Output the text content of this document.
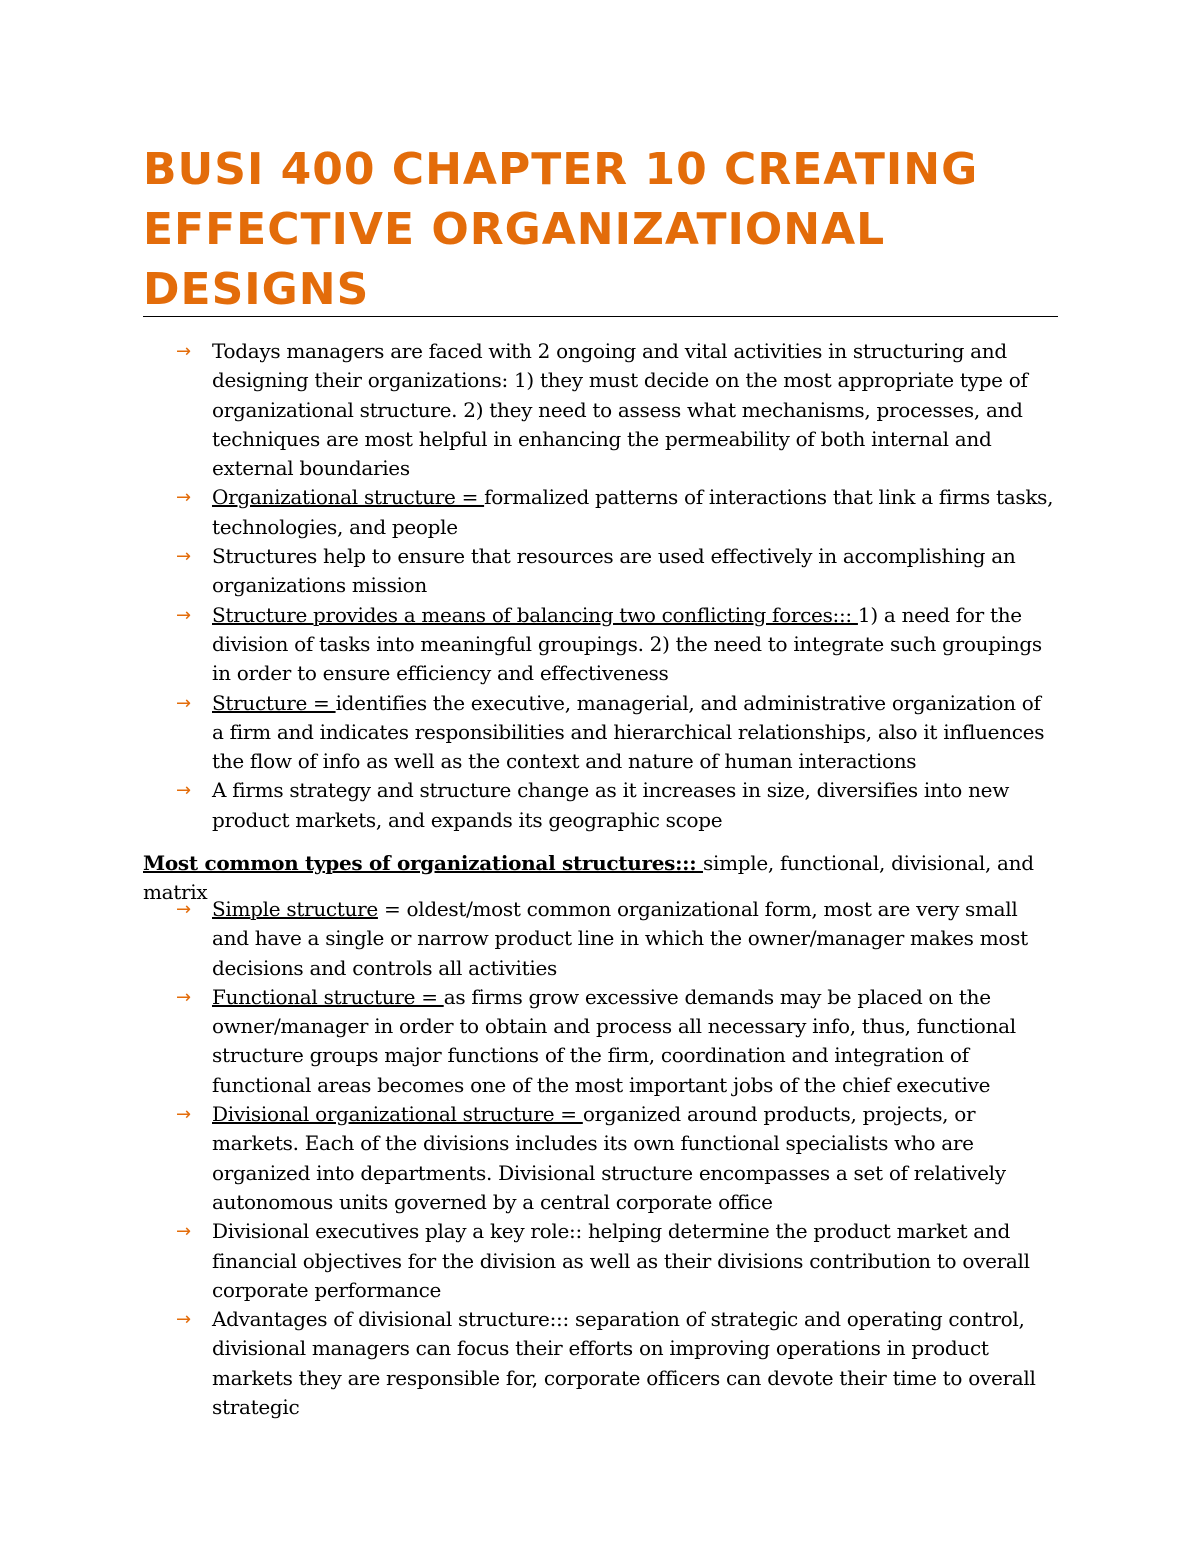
BUSI 400 CHAPTER 10 CREATING EFFECTIVE ORGANIZATIONAL DESIGNS
→ Todays managers are faced with 2 ongoing and vital activities in structuring and designing their organizations: 1) they must decide on the most appropriate type of organizational structure. 2) they need to assess what mechanisms, processes, and techniques are most helpful in enhancing the permeability of both internal and external boundaries
→ Organizational structure = formalized patterns of interactions that link a firms tasks, technologies, and people
→ Structures help to ensure that resources are used effectively in accomplishing an organizations mission
→ Structure provides a means of balancing two conflicting forces::: 1) a need for the division of tasks into meaningful groupings. 2) the need to integrate such groupings in order to ensure efficiency and effectiveness
→ Structure = identifies the executive, managerial, and administrative organization of a firm and indicates responsibilities and hierarchical relationships, also it influences the flow of info as well as the context and nature of human interactions
→ A firms strategy and structure change as it increases in size, diversifies into new product markets, and expands its geographic scope

Most common types of organizational structures::: simple, functional, divisional, and matrix

→ Simple structure = oldest/most common organizational form, most are very small and have a single or narrow product line in which the owner/manager makes most decisions and controls all activities
→ Functional structure = as firms grow excessive demands may be placed on the owner/manager in order to obtain and process all necessary info, thus, functional structure groups major functions of the firm, coordination and integration of functional areas becomes one of the most important jobs of the chief executive
→ Divisional organizational structure = organized around products, projects, or markets. Each of the divisions includes its own functional specialists who are organized into departments. Divisional structure encompasses a set of relatively autonomous units governed by a central corporate office
→ Divisional executives play a key role:: helping determine the product market and financial objectives for the division as well as their divisions contribution to overall corporate performance
→ Advantages of divisional structure::: separation of strategic and operating control, divisional managers can focus their efforts on improving operations in product markets they are responsible for, corporate officers can devote their time to overall strategic
